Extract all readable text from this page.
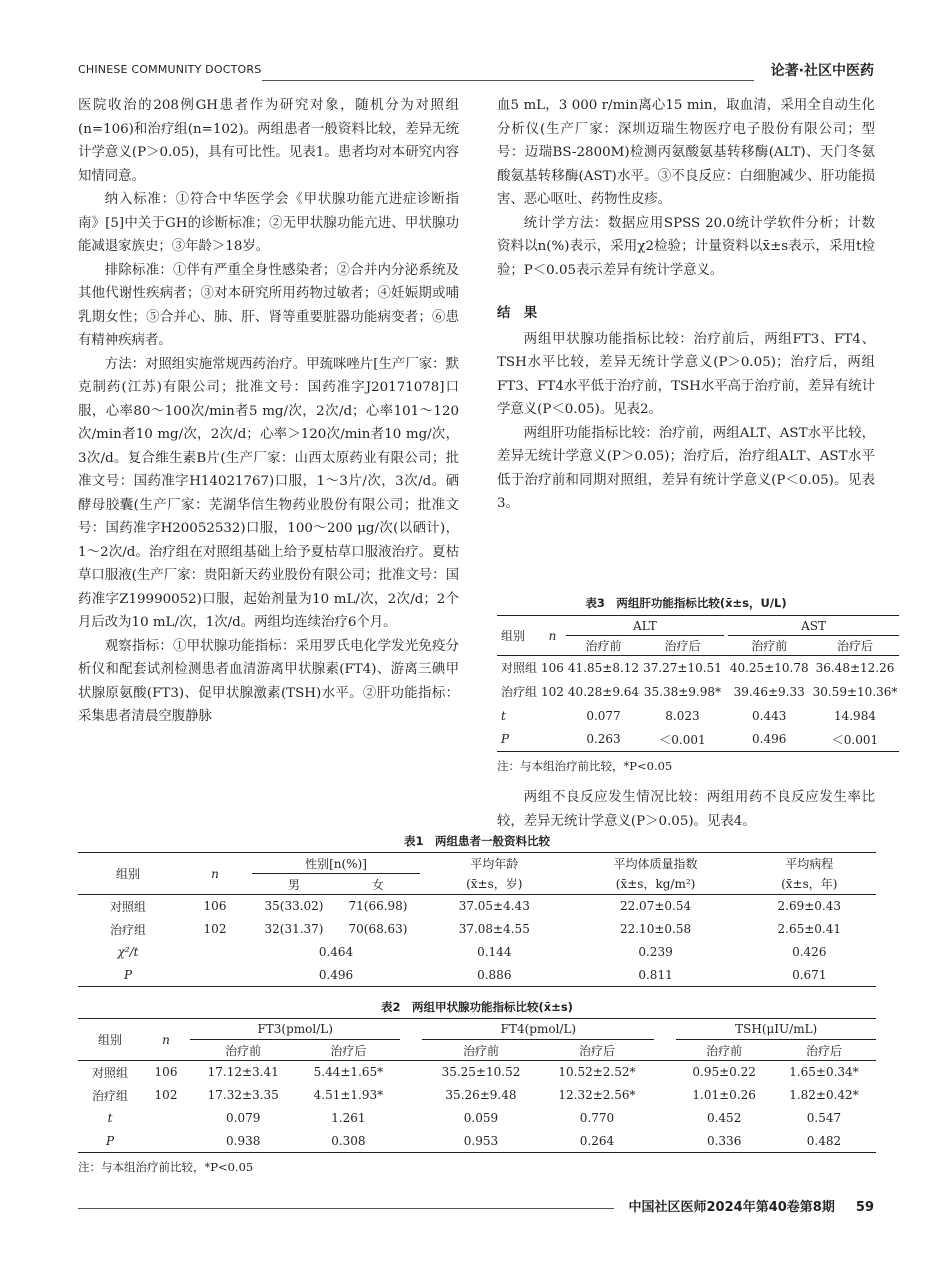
CHINESE COMMUNITY DOCTORS	论著·社区中医药

医院收治的208例GH患者作为研究对象，随机分为对照组(n=106)和治疗组(n=102)。两组患者一般资料比较，差异无统计学意义(P＞0.05)，具有可比性。见表1。患者均对本研究内容知情同意。

纳入标准：①符合中华医学会《甲状腺功能亢进症诊断指南》[5]中关于GH的诊断标准；②无甲状腺功能亢进、甲状腺功能减退家族史；③年龄＞18岁。

排除标准：①伴有严重全身性感染者；②合并内分泌系统及其他代谢性疾病者；③对本研究所用药物过敏者；④妊娠期或哺乳期女性；⑤合并心、肺、肝、肾等重要脏器功能病变者；⑥患有精神疾病者。

方法：对照组实施常规西药治疗。甲巯咪唑片[生产厂家：默克制药(江苏)有限公司；批准文号：国药准字J20171078]口服，心率80～100次/min者5 mg/次，2次/d；心率101～120次/min者10 mg/次，2次/d；心率＞120次/min者10 mg/次，3次/d。复合维生素B片(生产厂家：山西太原药业有限公司；批准文号：国药准字H14021767)口服，1～3片/次，3次/d。硒酵母胶囊(生产厂家：芜湖华信生物药业股份有限公司；批准文号：国药准字H20052532)口服，100～200 μg/次(以硒计)，1～2次/d。治疗组在对照组基础上给予夏枯草口服液治疗。夏枯草口服液(生产厂家：贵阳新天药业股份有限公司；批准文号：国药准字Z19990052)口服，起始剂量为10 mL/次，2次/d；2个月后改为10 mL/次，1次/d。两组均连续治疗6个月。

观察指标：①甲状腺功能指标：采用罗氏电化学发光免疫分析仪和配套试剂检测患者血清游离甲状腺素(FT4)、游离三碘甲状腺原氨酸(FT3)、促甲状腺激素(TSH)水平。②肝功能指标：采集患者清晨空腹静脉

血5 mL，3 000 r/min离心15 min，取血清，采用全自动生化分析仪(生产厂家：深圳迈瑞生物医疗电子股份有限公司；型号：迈瑞BS-2800M)检测丙氨酸氨基转移酶(ALT)、天门冬氨酸氨基转移酶(AST)水平。③不良反应：白细胞减少、肝功能损害、恶心呕吐、药物性皮疹。

统计学方法：数据应用SPSS 20.0统计学软件分析；计数资料以n(%)表示，采用χ2检验；计量资料以x̄±s表示，采用t检验；P＜0.05表示差异有统计学意义。

结　果

两组甲状腺功能指标比较：治疗前后，两组FT3、FT4、TSH水平比较，差异无统计学意义(P＞0.05)；治疗后，两组FT3、FT4水平低于治疗前，TSH水平高于治疗前，差异有统计学意义(P＜0.05)。见表2。

两组肝功能指标比较：治疗前，两组ALT、AST水平比较，差异无统计学意义(P＞0.05)；治疗后，治疗组ALT、AST水平低于治疗前和同期对照组，差异有统计学意义(P＜0.05)。见表3。

表3　两组肝功能指标比较(x̄±s，U/L)
组别	n	ALT			AST	
		治疗前	治疗后		治疗前	治疗后
对照组	106	41.85±8.12	37.27±10.51		40.25±10.78	36.48±12.26
治疗组	102	40.28±9.64	35.38±9.98*		39.46±9.33	30.59±10.36*
t		0.077	8.023		0.443	14.984
P		0.263	＜0.001		0.496	＜0.001
注：与本组治疗前比较，*P<0.05

两组不良反应发生情况比较：两组用药不良反应发生率比较，差异无统计学意义(P＞0.05)。见表4。

表1　两组患者一般资料比较
组别	n	性别[n(%)]		平均年龄	平均体质量指数	平均病程
		男	女	(x̄±s，岁)	(x̄±s，kg/m²)	(x̄±s，年)
对照组	106	35(33.02)	71(66.98)	37.05±4.43	22.07±0.54	2.69±0.43
治疗组	102	32(31.37)	70(68.63)	37.08±4.55	22.10±0.58	2.65±0.41
χ²/t		0.464		0.144	0.239	0.426
P		0.496		0.886	0.811	0.671
表2　两组甲状腺功能指标比较(x̄±s)
组别	n	FT3(pmol/L)			FT4(pmol/L)			TSH(μIU/mL)	
		治疗前	治疗后		治疗前	治疗后		治疗前	治疗后
对照组	106	17.12±3.41	5.44±1.65*		35.25±10.52	10.52±2.52*		0.95±0.22	1.65±0.34*
治疗组	102	17.32±3.35	4.51±1.93*		35.26±9.48	12.32±2.56*		1.01±0.26	1.82±0.42*
t		0.079	1.261		0.059	0.770		0.452	0.547
P		0.938	0.308		0.953	0.264		0.336	0.482
注：与本组治疗前比较，*P<0.05
中国社区医师2024年第40卷第8期 59
